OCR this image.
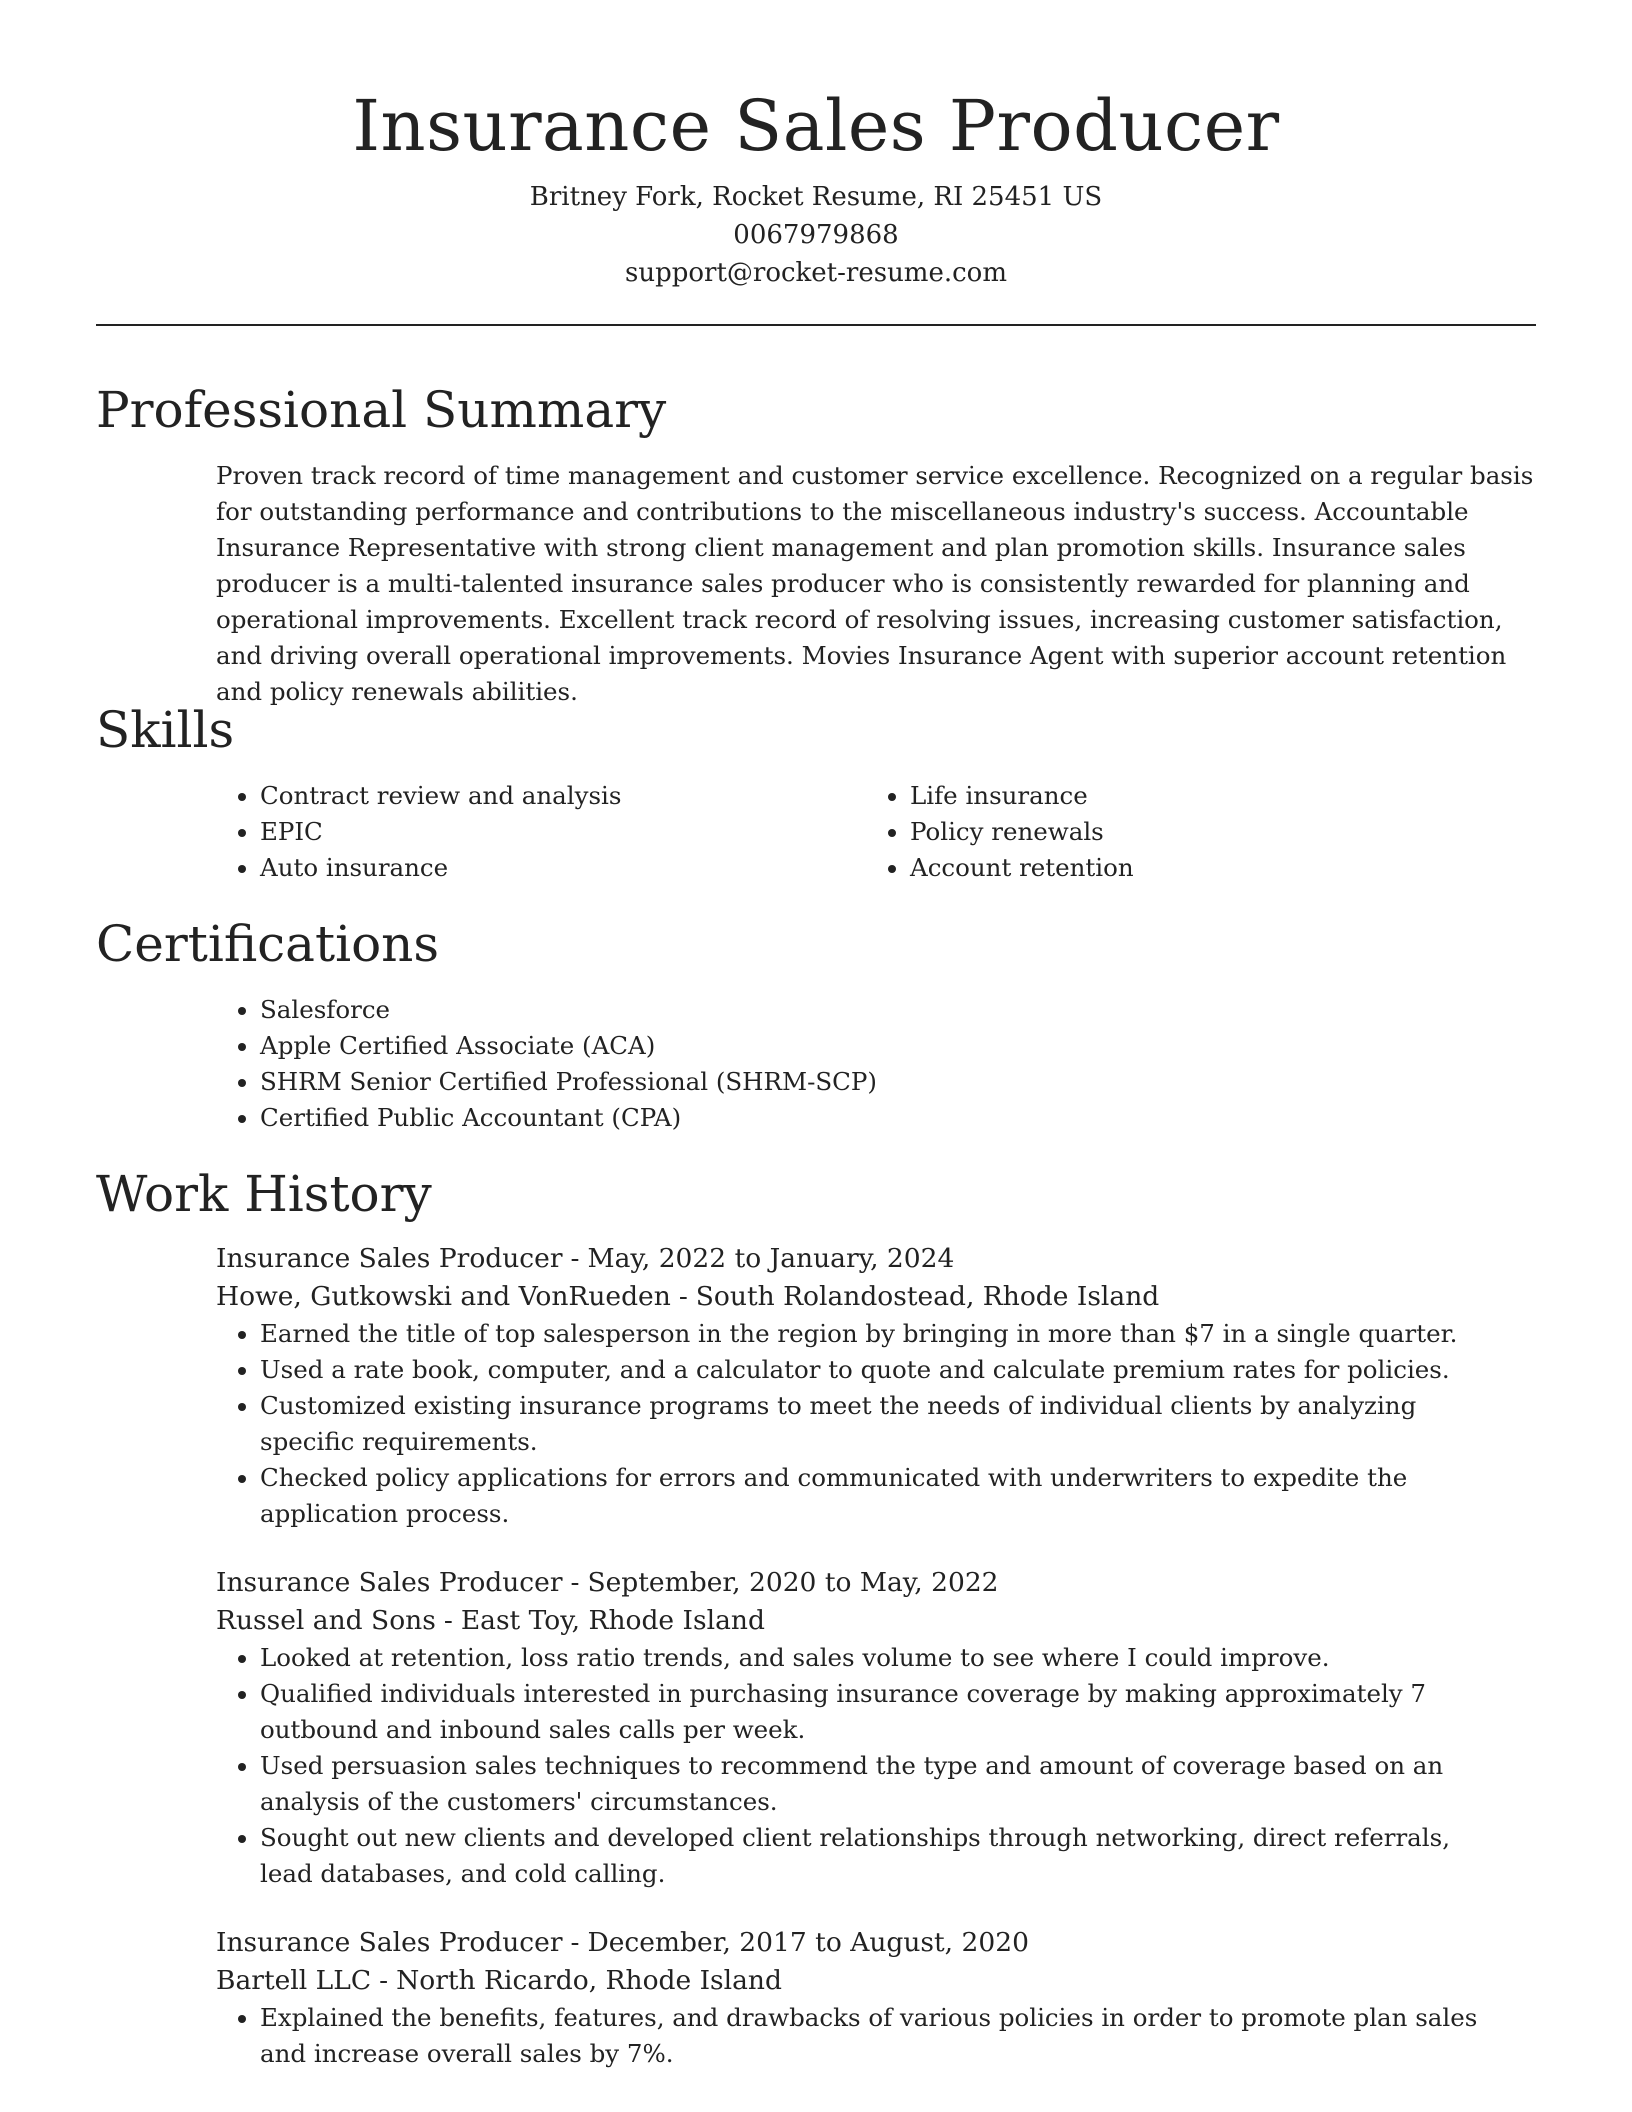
Insurance Sales Producer
Britney Fork, Rocket Resume, RI 25451 US
0067979868
support@rocket-resume.com
Professional Summary
Proven track record of time management and customer service excellence. Recognized on a regular basis for outstanding performance and contributions to the miscellaneous industry's success. Accountable Insurance Representative with strong client management and plan promotion skills. Insurance sales producer is a multi-talented insurance sales producer who is consistently rewarded for planning and operational improvements. Excellent track record of resolving issues, increasing customer satisfaction, and driving overall operational improvements. Movies Insurance Agent with superior account retention and policy renewals abilities.
Skills
• Contract review and analysis
• EPIC
• Auto insurance
• Life insurance
• Policy renewals
• Account retention
Certifications
• Salesforce
• Apple Certified Associate (ACA)
• SHRM Senior Certified Professional (SHRM-SCP)
• Certified Public Accountant (CPA)
Work History
Insurance Sales Producer - May, 2022 to January, 2024
Howe, Gutkowski and VonRueden - South Rolandostead, Rhode Island
• Earned the title of top salesperson in the region by bringing in more than $7 in a single quarter.
• Used a rate book, computer, and a calculator to quote and calculate premium rates for policies.
• Customized existing insurance programs to meet the needs of individual clients by analyzing specific requirements.
• Checked policy applications for errors and communicated with underwriters to expedite the application process.
Insurance Sales Producer - September, 2020 to May, 2022
Russel and Sons - East Toy, Rhode Island
• Looked at retention, loss ratio trends, and sales volume to see where I could improve.
• Qualified individuals interested in purchasing insurance coverage by making approximately 7 outbound and inbound sales calls per week.
• Used persuasion sales techniques to recommend the type and amount of coverage based on an analysis of the customers' circumstances.
• Sought out new clients and developed client relationships through networking, direct referrals, lead databases, and cold calling.
Insurance Sales Producer - December, 2017 to August, 2020
Bartell LLC - North Ricardo, Rhode Island
• Explained the benefits, features, and drawbacks of various policies in order to promote plan sales and increase overall sales by 7%.
